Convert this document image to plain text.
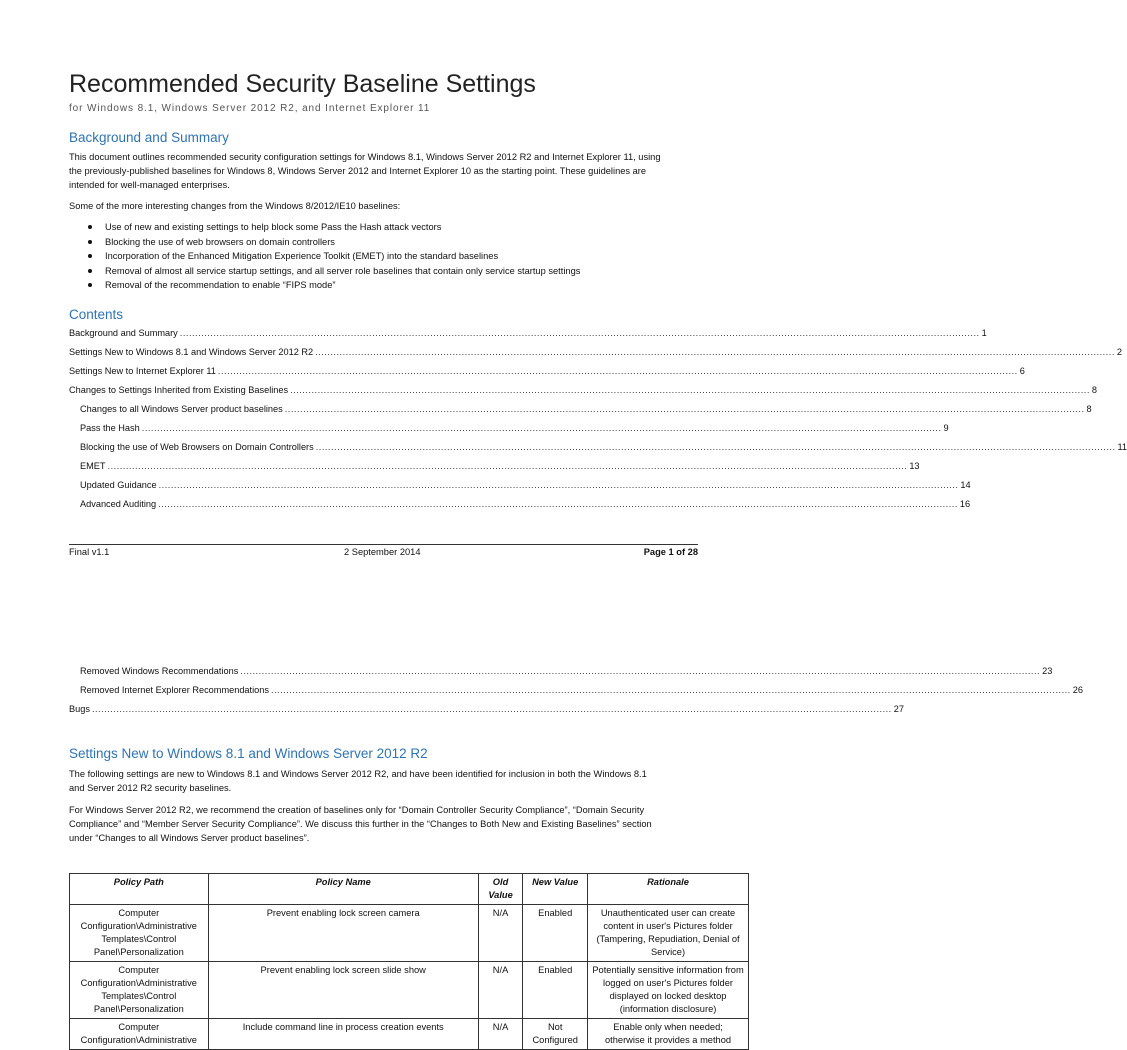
Recommended Security Baseline Settings
for Windows 8.1, Windows Server 2012 R2, and Internet Explorer 11
Background and Summary
This document outlines recommended security configuration settings for Windows 8.1, Windows Server 2012 R2 and Internet Explorer 11, using
the previously-published baselines for Windows 8, Windows Server 2012 and Internet Explorer 10 as the starting point. These guidelines are
intended for well-managed enterprises.
Some of the more interesting changes from the Windows 8/2012/IE10 baselines:
Use of new and existing settings to help block some Pass the Hash attack vectors
Blocking the use of web browsers on domain controllers
Incorporation of the Enhanced Mitigation Experience Toolkit (EMET) into the standard baselines
Removal of almost all service startup settings, and all server role baselines that contain only service startup settings
Removal of the recommendation to enable “FIPS mode”
Contents
Background and Summary ...................................................................................................................................................................................................................................................................... 1
Settings New to Windows 8.1 and Windows Server 2012 R2 ...................................................................................................................................................................................................................................................................... 2
Settings New to Internet Explorer 11 ...................................................................................................................................................................................................................................................................... 6
Changes to Settings Inherited from Existing Baselines ...................................................................................................................................................................................................................................................................... 8
Changes to all Windows Server product baselines ...................................................................................................................................................................................................................................................................... 8
Pass the Hash ...................................................................................................................................................................................................................................................................... 9
Blocking the use of Web Browsers on Domain Controllers ...................................................................................................................................................................................................................................................................... 11
EMET ...................................................................................................................................................................................................................................................................... 13
Updated Guidance ...................................................................................................................................................................................................................................................................... 14
Advanced Auditing ...................................................................................................................................................................................................................................................................... 16
Final v1.1	2 September 2014	Page 1 of 28
Removed Windows Recommendations ...................................................................................................................................................................................................................................................................... 23
Removed Internet Explorer Recommendations ...................................................................................................................................................................................................................................................................... 26
Bugs ...................................................................................................................................................................................................................................................................... 27
Settings New to Windows 8.1 and Windows Server 2012 R2
The following settings are new to Windows 8.1 and Windows Server 2012 R2, and have been identified for inclusion in both the Windows 8.1
and Server 2012 R2 security baselines.
For Windows Server 2012 R2, we recommend the creation of baselines only for “Domain Controller Security Compliance”, “Domain Security
Compliance” and “Member Server Security Compliance”. We discuss this further in the “Changes to Both New and Existing Baselines” section
under “Changes to all Windows Server product baselines”.
Policy Path	Policy Name	Old Value	New Value	Rationale
Computer Configuration\Administrative Templates\Control Panel\Personalization	Prevent enabling lock screen camera	N/A	Enabled	Unauthenticated user can create content in user's Pictures folder (Tampering, Repudiation, Denial of Service)
Computer Configuration\Administrative Templates\Control Panel\Personalization	Prevent enabling lock screen slide show	N/A	Enabled	Potentially sensitive information from logged on user's Pictures folder displayed on locked desktop (information disclosure)
Computer Configuration\Administrative	Include command line in process creation events	N/A	Not Configured	Enable only when needed; otherwise it provides a method
